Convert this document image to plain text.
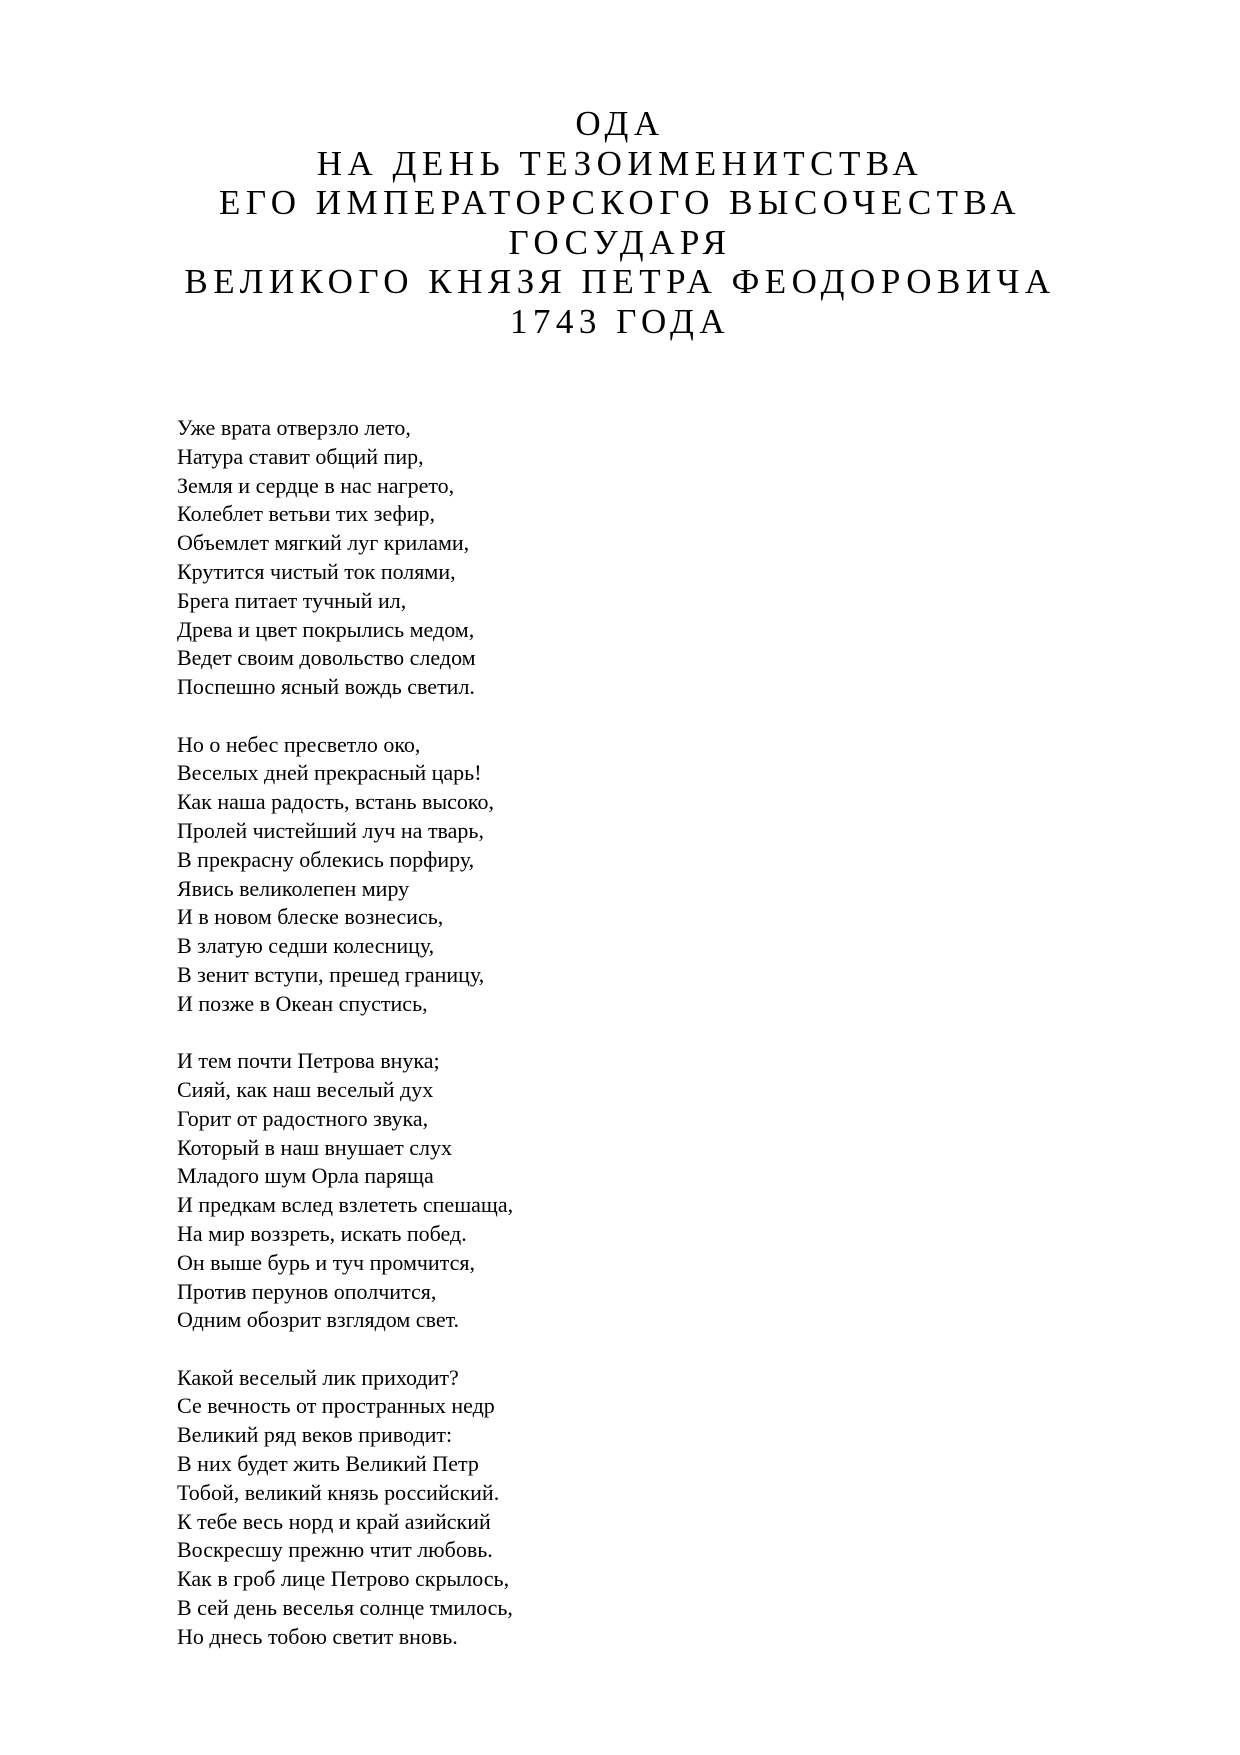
ОДА
НА ДЕНЬ ТЕЗОИМЕНИТСТВА
ЕГО ИМПЕРАТОРСКОГО ВЫСОЧЕСТВА
ГОСУДАРЯ
ВЕЛИКОГО КНЯЗЯ ПЕТРА ФЕОДОРОВИЧА
1743 ГОДА
Уже врата отверзло лето,
Натура ставит общий пир,
Земля и сердце в нас нагрето,
Колеблет ветьви тих зефир,
Объемлет мягкий луг крилами,
Крутится чистый ток полями,
Брега питает тучный ил,
Древа и цвет покрылись медом,
Ведет своим довольство следом
Поспешно ясный вождь светил.
Но о небес пресветло око,
Веселых дней прекрасный царь!
Как наша радость, встань высоко,
Пролей чистейший луч на тварь,
В прекрасну облекись порфиру,
Явись великолепен миру
И в новом блеске вознесись,
В златую седши колесницу,
В зенит вступи, прешед границу,
И позже в Океан спустись,
И тем почти Петрова внука;
Сияй, как наш веселый дух
Горит от радостного звука,
Который в наш внушает слух
Младого шум Орла паряща
И предкам вслед взлететь спешаща,
На мир воззреть, искать побед.
Он выше бурь и туч промчится,
Против перунов ополчится,
Одним обозрит взглядом свет.
Какой веселый лик приходит?
Се вечность от пространных недр
Великий ряд веков приводит:
В них будет жить Великий Петр
Тобой, великий князь российский.
К тебе весь норд и край азийский
Воскресшу прежню чтит любовь.
Как в гроб лице Петрово скрылось,
В сей день веселья солнце тмилось,
Но днесь тобою светит вновь.
